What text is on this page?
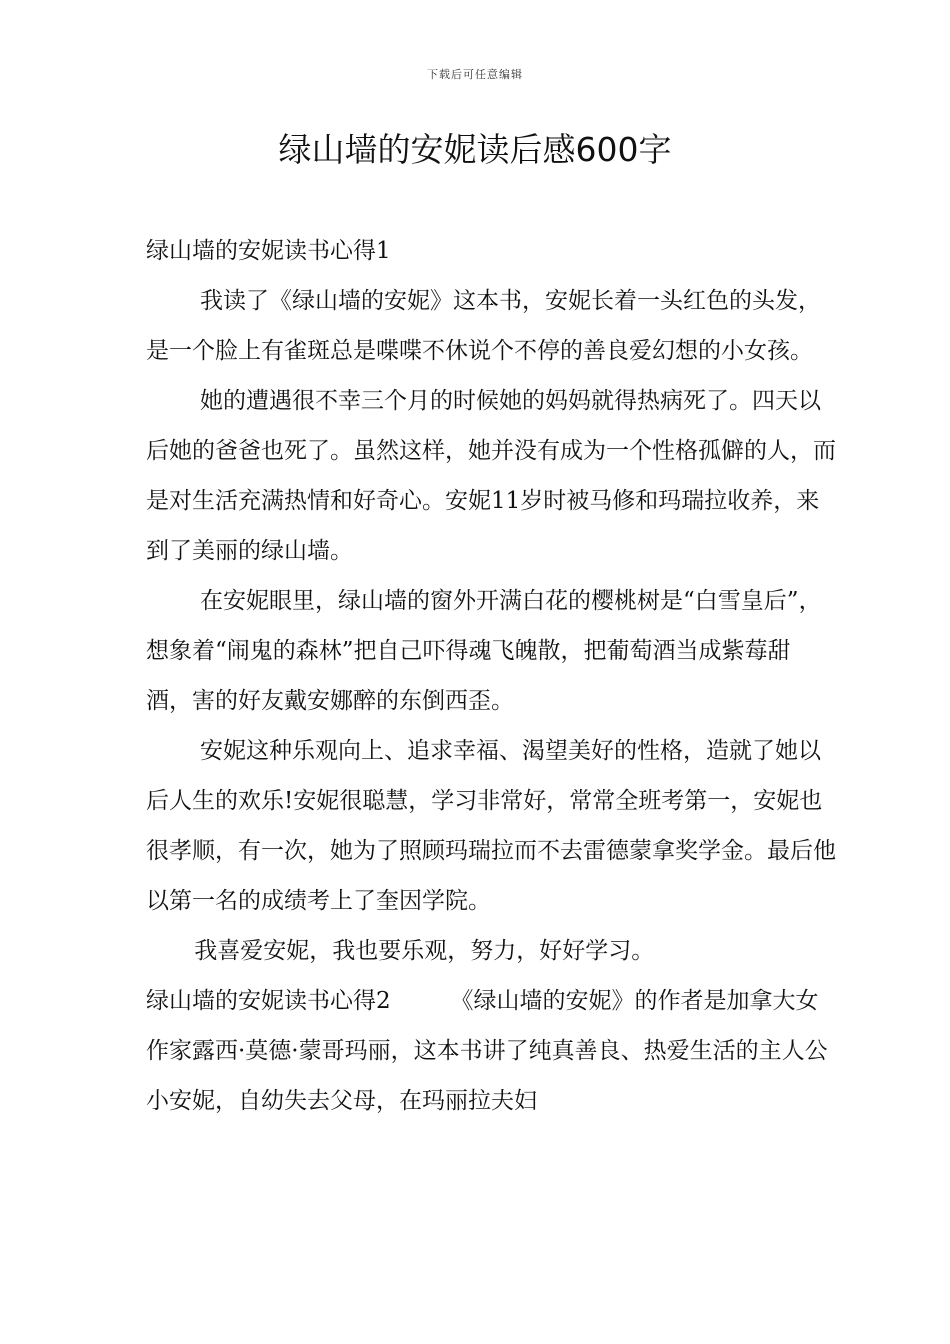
下载后可任意编辑
绿山墙的安妮读后感600字

绿山墙的安妮读书心得1

我读了《绿山墙的安妮》这本书，安妮长着一头红色的头发，是一个脸上有雀斑总是喋喋不休说个不停的善良爱幻想的小女孩。

她的遭遇很不幸三个月的时候她的妈妈就得热病死了。四天以后她的爸爸也死了。虽然这样，她并没有成为一个性格孤僻的人，而是对生活充满热情和好奇心。安妮11岁时被马修和玛瑞拉收养，来到了美丽的绿山墙。

在安妮眼里，绿山墙的窗外开满白花的樱桃树是“白雪皇后”，想象着“闹鬼的森林”把自己吓得魂飞魄散，把葡萄酒当成紫莓甜酒，害的好友戴安娜醉的东倒西歪。

安妮这种乐观向上、追求幸福、渴望美好的性格，造就了她以后人生的欢乐!安妮很聪慧，学习非常好，常常全班考第一，安妮也很孝顺，有一次，她为了照顾玛瑞拉而不去雷德蒙拿奖学金。最后他以第一名的成绩考上了奎因学院。

我喜爱安妮，我也要乐观，努力，好好学习。

绿山墙的安妮读书心得2	《绿山墙的安妮》的作者是加拿大女作家露西·莫德·蒙哥玛丽，这本书讲了纯真善良、热爱生活的主人公小安妮，自幼失去父母，在玛丽拉夫妇
